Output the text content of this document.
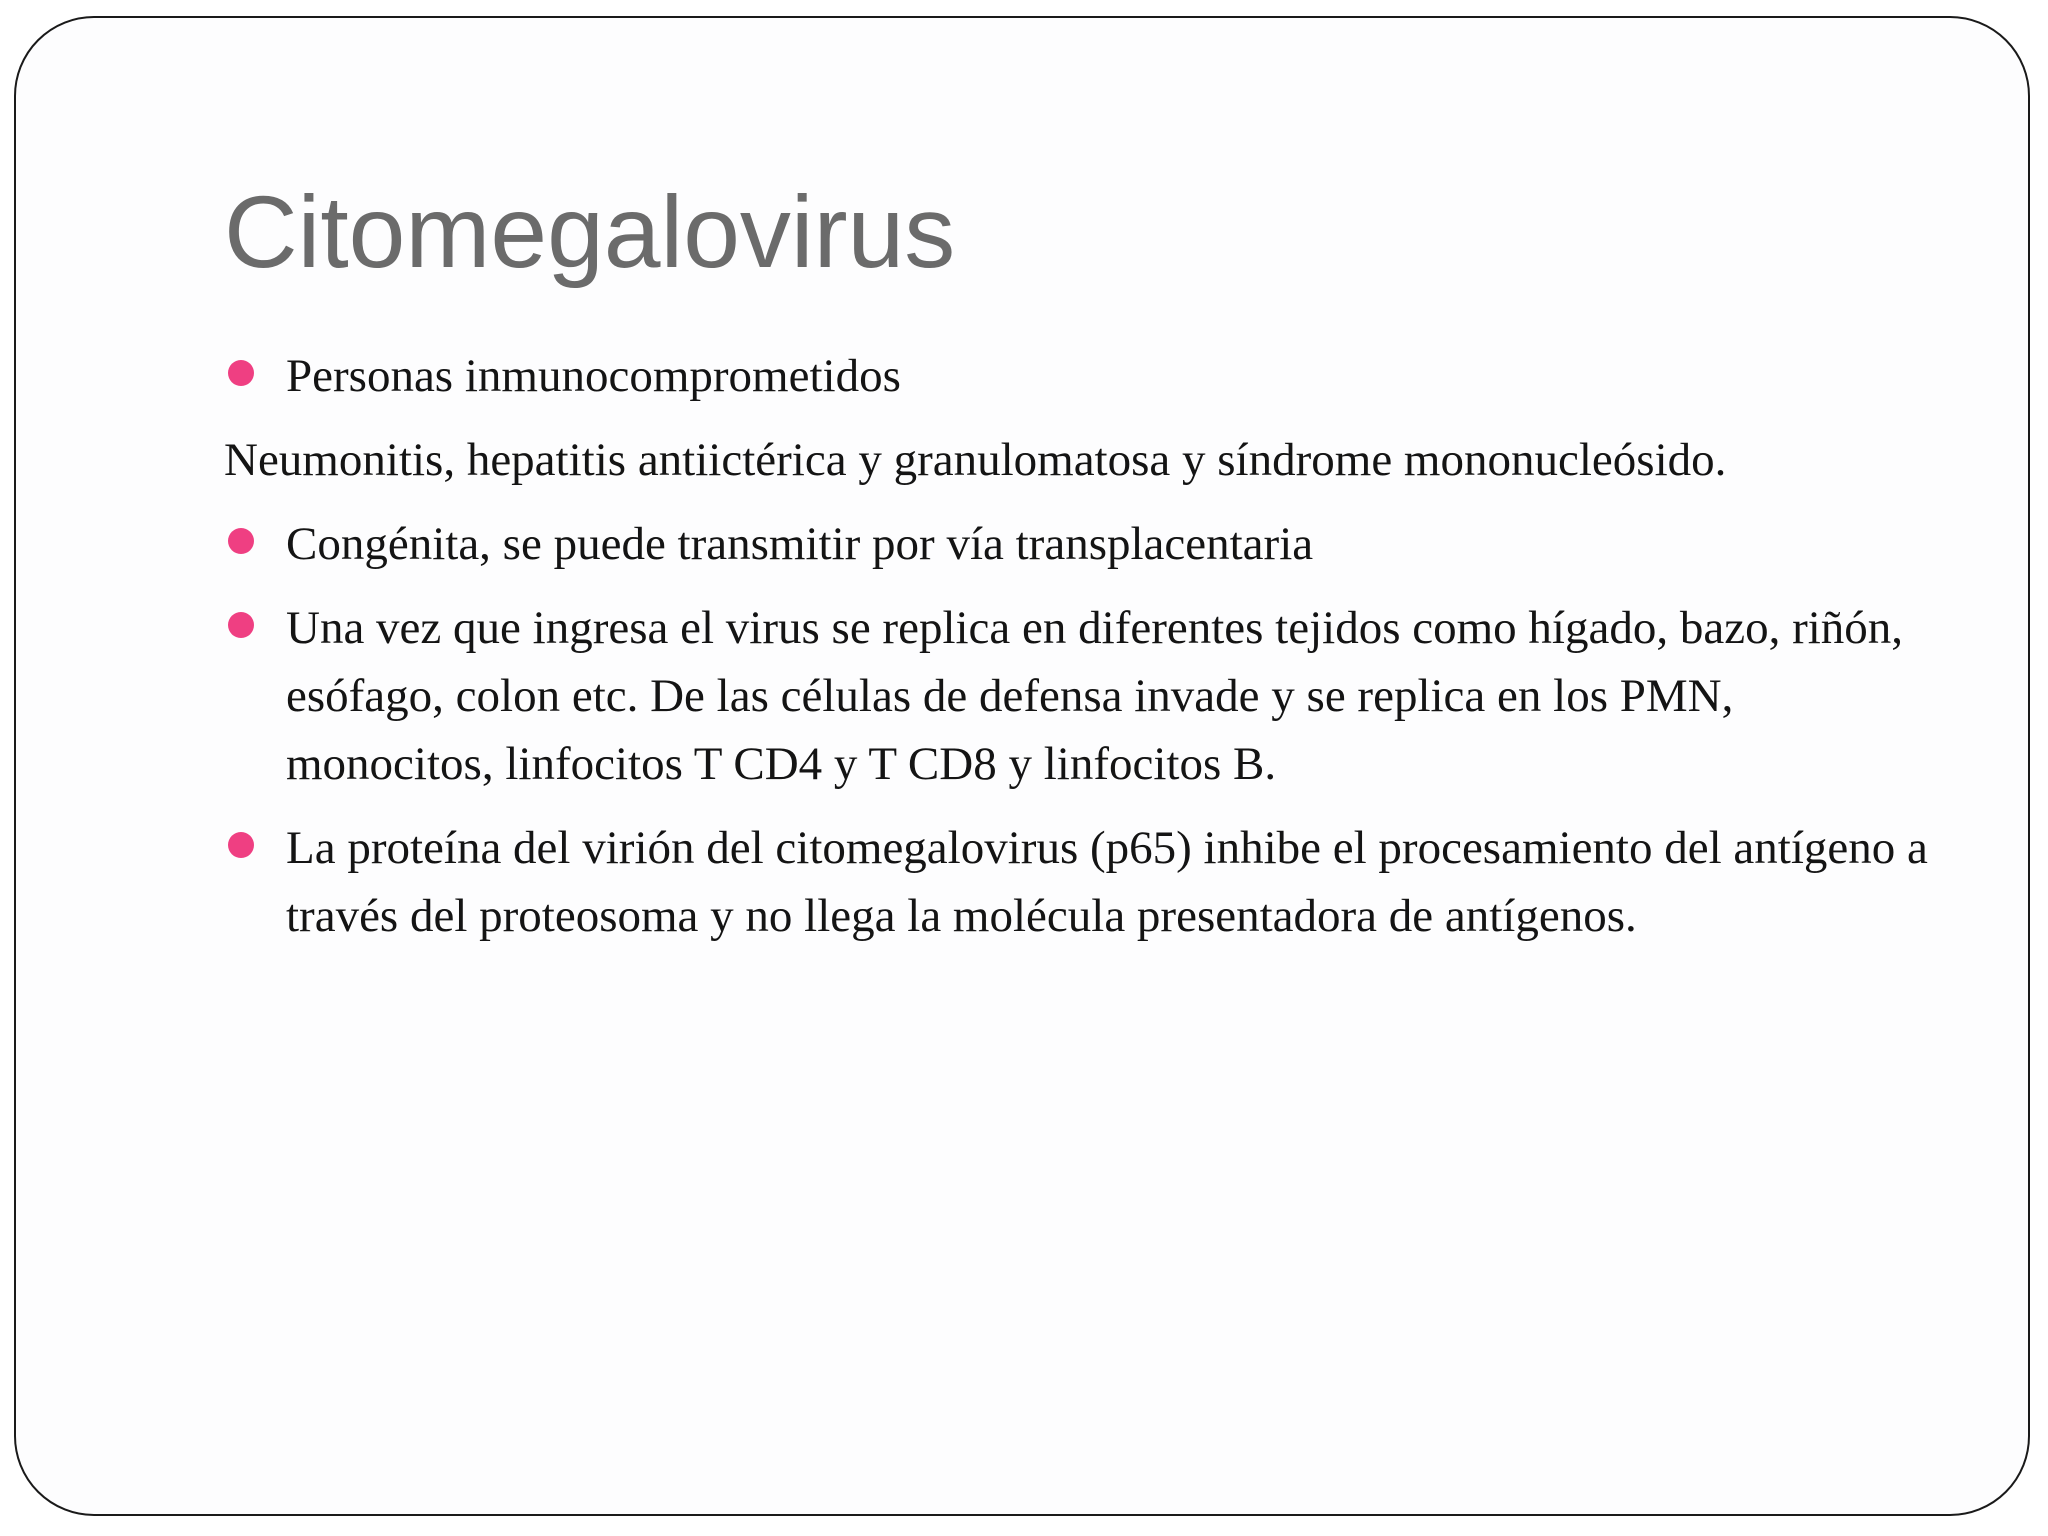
Citomegalovirus

Personas inmunocomprometidos

Neumonitis, hepatitis antiictérica y granulomatosa y síndrome mononucleósido.

Congénita, se puede transmitir por vía transplacentaria

Una vez que ingresa el virus se replica en diferentes tejidos como hígado, bazo, riñón, esófago, colon etc. De las células de defensa invade y se replica en los PMN, monocitos, linfocitos T CD4 y T CD8 y linfocitos B.

La proteína del virión del citomegalovirus (p65) inhibe el procesamiento del antígeno a través del proteosoma y no llega la molécula presentadora de antígenos.
